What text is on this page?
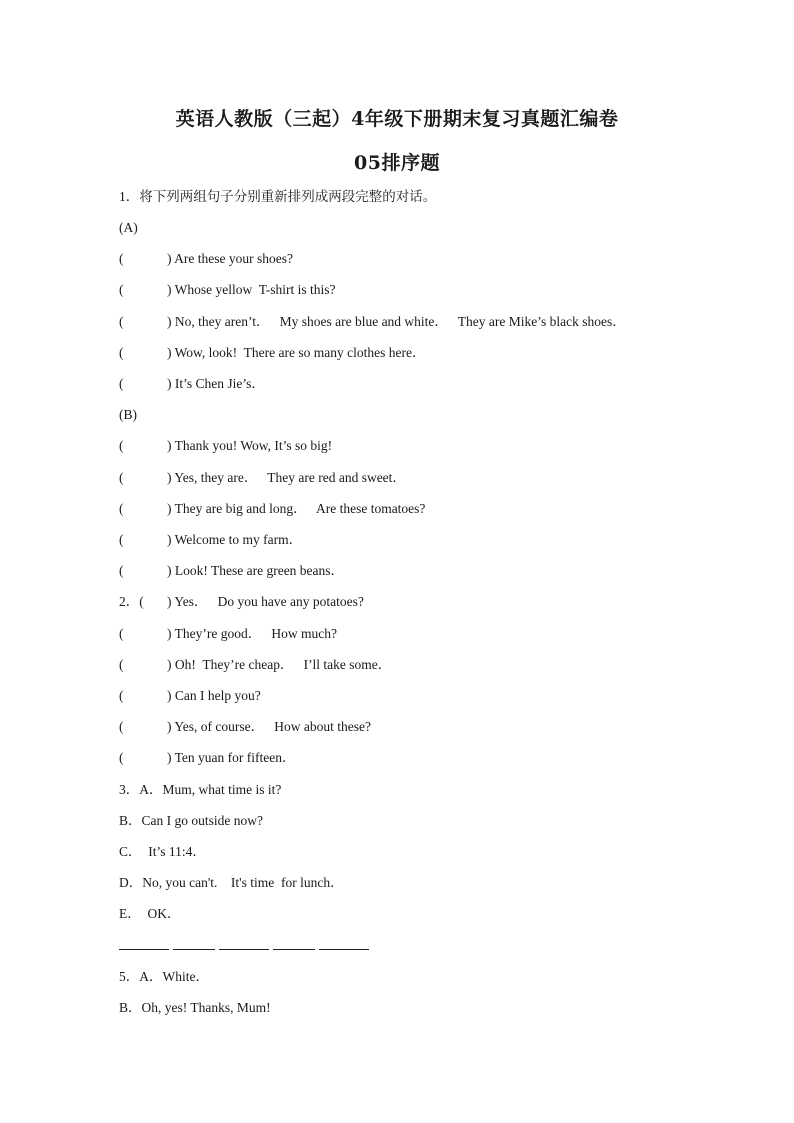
英语人教版（三起）4年级下册期末复习真题汇编卷
05排序题
1．将下列两组句子分别重新排列成两段完整的对话。
(A)
(	) Are these your shoes?
(	) Whose yellow  T-shirt is this?
(	) No, they aren’t．   My shoes are blue and white．   They are Mike’s black shoes．
(	) Wow, look!  There are so many clothes here．
(	) It’s Chen Jie’s．
(B)
(	) Thank you! Wow, It’s so big!
(	) Yes, they are．   They are red and sweet．
(	) They are big and long．   Are these tomatoes?
(	) Welcome to my farm．
(	) Look! These are green beans．
2．( ) Yes．   Do you have any potatoes?
(	) They’re good．   How much?
(	) Oh!  They’re cheap．   I’ll take some．
(	) Can I help you?
(	) Yes, of course．   How about these?
(	) Ten yuan for fifteen．
3．A．Mum, what time is it?
B．Can I go outside now?
C．  It’s 11:4．
D．No, you can't.    It's time  for lunch．
E．  OK．
5．A．White．
B．Oh, yes! Thanks, Mum!
